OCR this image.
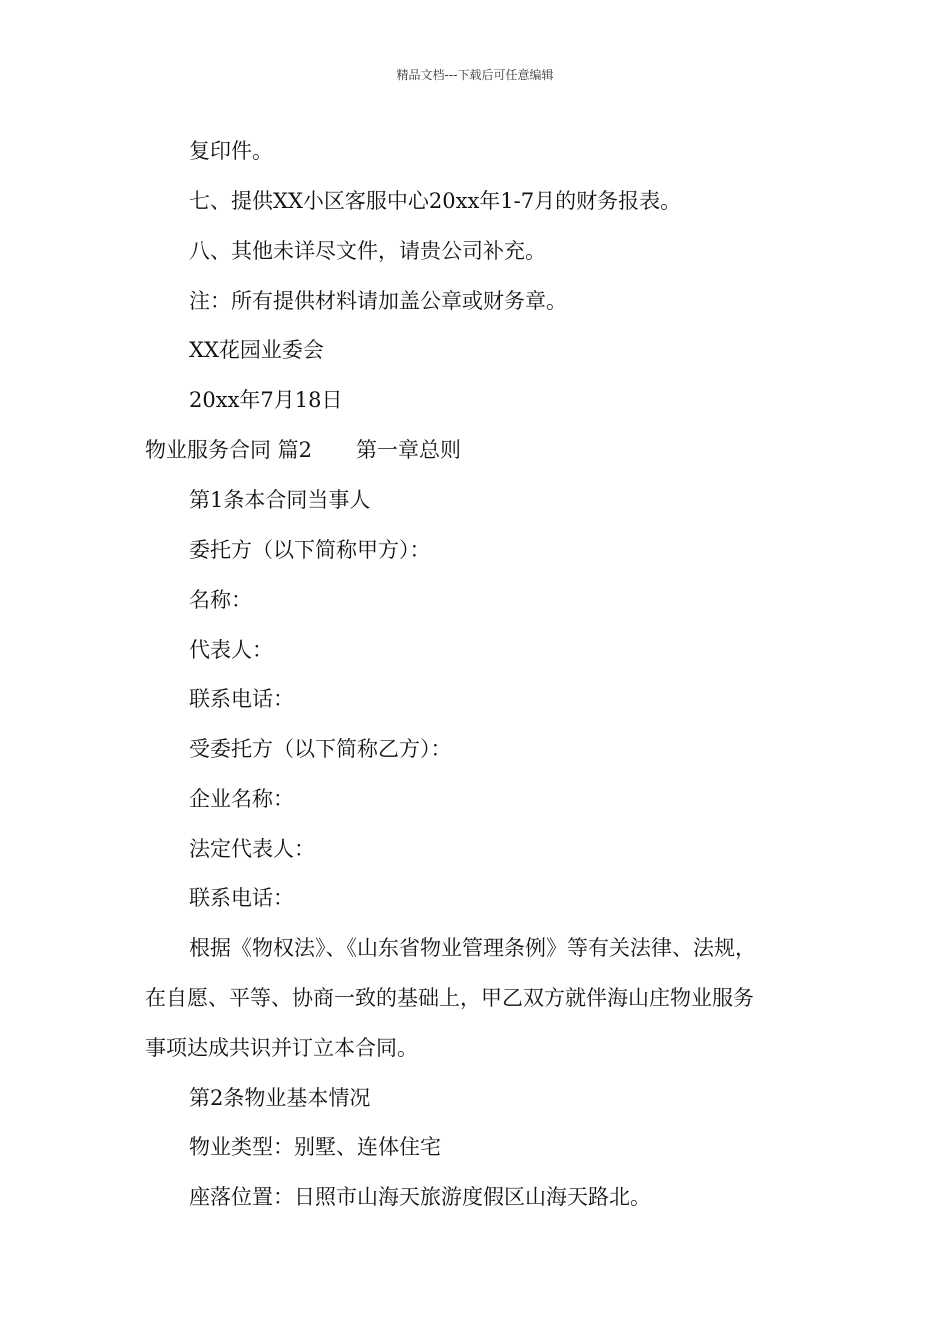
精品文档---下载后可任意编辑
复印件。
七、提供XX小区客服中心20xx年1-7月的财务报表。
八、其他未详尽文件，请贵公司补充。
注：所有提供材料请加盖公章或财务章。
XX花园业委会
20xx年7月18日
物业服务合同 篇2 第一章总则
第1条本合同当事人
委托方（以下简称甲方）：
名称：
代表人：
联系电话：
受委托方（以下简称乙方）：
企业名称：
法定代表人：
联系电话：
根据《物权法》、《山东省物业管理条例》等有关法律、法规，
在自愿、平等、协商一致的基础上，甲乙双方就伴海山庄物业服务
事项达成共识并订立本合同。
第2条物业基本情况
物业类型：别墅、连体住宅
座落位置：日照市山海天旅游度假区山海天路北。
